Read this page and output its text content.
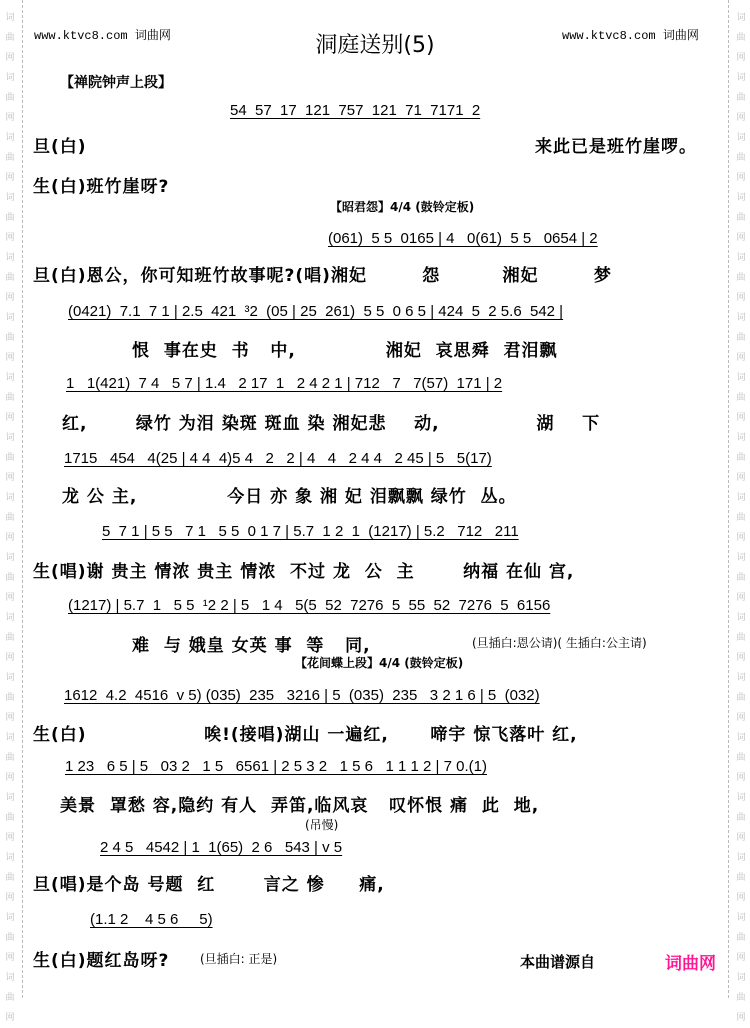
词
曲
网
词
曲
网
词
曲
网
词
曲
网
词
曲
网
词
曲
网
词
曲
网
词
曲
网
词
曲
网
词
曲
网
词
曲
网
词
曲
网
词
曲
网
词
曲
网
词
曲
网
词
曲
网
词
曲
网
词
曲
网
词
曲
网
词
曲
网
词
曲
网
词
曲
网
词
曲
网
词
曲
网
词
曲
网
词
曲
网
词
曲
网
词
曲
网
词
曲
网
词
曲
网
词
曲
网
词
曲
网
词
曲
网
词
曲
网
www.ktvc8.com 词曲网	www.ktvc8.com 词曲网
洞庭送别(5)
【禅院钟声上段】
54  57  17  121  757  121  71  7171  2
旦(白)	来此已是班竹崖啰。
生(白)班竹崖呀?
【昭君怨】4/4 (鼓铃定板)
(061)  5 5  0165 | 4   0(61)  5 5   0654 | 2
旦(白)恩公，你可知班竹故事呢?(唱)湘妃        怨         湘妃        梦
(0421)  7.1  7 1 | 2.5  421  ³2  (05 | 25  261)  5 5  0 6 5 | 424  5  2 5.6  542 |
恨  事在史  书   中,             湘妃  哀思舜  君泪飘
1   1(421)  7 4   5 7 | 1.4   2 17  1   2 4 2 1 | 712   7   7(57)  171 | 2
红,       绿竹 为泪 染斑 斑血 染 湘妃悲    动,              湖    下
1715   454   4(25 | 4 4  4)5 4   2   2 | 4   4   2 4 4   2 45 | 5   5(17)
龙 公 主,             今日 亦 象 湘 妃 泪飘飘 绿竹  丛。
5  7 1 | 5 5   7 1   5 5  0 1 7 | 5.7  1 2  1  (1217) | 5.2   712   211
生(唱)谢 贵主 情浓 贵主 情浓  不过 龙  公  主       纳福 在仙 宫,
(1217) | 5.7  1   5 5  ¹2 2 | 5   1 4   5(5  52  7276  5  55  52  7276  5  6156
难  与 娥皇 女英 事  等   同,	(旦插白:恩公请)( 生插白:公主请)
【花间蝶上段】4/4 (鼓铃定板)
1612  4.2  4516  v 5) (035)  235   3216 | 5  (035)  235   3 2 1 6 | 5  (032)
生(白)                 唉!(接唱)湖山 一遍红,      啼宇 惊飞落叶 红,
1 23   6 5 | 5   03 2   1 5   6561 | 2 5 3 2   1 5 6   1 1 1 2 | 7 0.(1)
美景  罩愁 容,隐约 有人  弄笛,临风哀   叹怀恨 痛  此  地,
(吊慢)
2 4 5   4542 | 1  1(65)  2 6   543 | v 5
旦(唱)是个岛 号题  红       言之 惨     痛,
(1.1 2    4 5 6     5)
生(白)题红岛呀?	(旦插白: 正是)	本曲谱源自	词曲网
